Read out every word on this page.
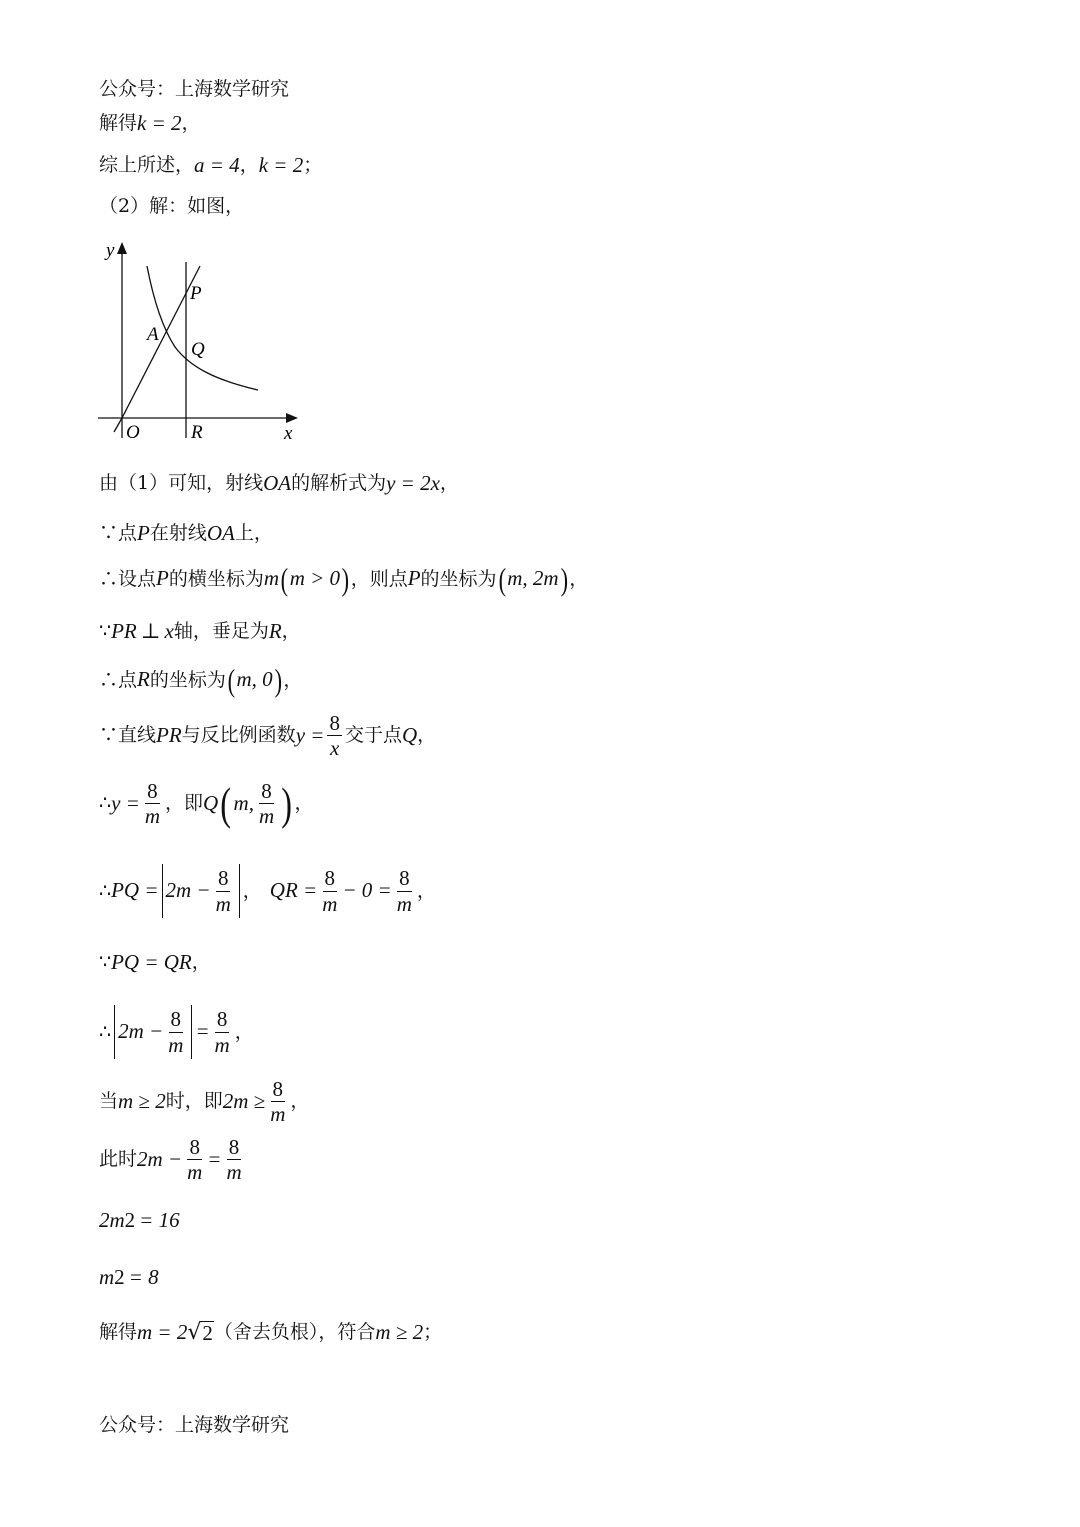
公众号：上海数学研究
解得 k = 2 ，
综上所述， a = 4 ， k = 2 ；
（2）解：如图，
y
x
O	R
P
A
Q
由（1）可知，射线 OA 的解析式为 y = 2x ，
∵点 P 在射线 OA 上，
∴设点 P 的横坐标为 m ( m > 0 ) ，则点 P 的坐标为 ( m, 2m ) ，
∵ PR ⊥ x 轴，垂足为 R ，
∴点 R 的坐标为 ( m, 0 ) ，
∵直线 PR 与反比例函数 $y = \frac{8}{x}$ 交于点 Q ，
∴ $y = \frac{8}{m}$ ，即 Q ( m, $\frac{8}{m}$ ) ，
∴ PQ = $2m - \frac{8}{m}$ ， QR = $\frac{8}{m} - 0 = \frac{8}{m}$ ，
∵ PQ = QR ，
∴ $2m - \frac{8}{m} = \frac{8}{m}$ ，
当 m ≥ 2 时，即 $2m \ge \frac{8}{m}$ ，
此时 $2m - \frac{8}{m} = \frac{8}{m}$
2m 2 = 16
m 2 = 8
解得 m = 2 √ 2 （舍去负根），符合 m ≥ 2 ；
公众号：上海数学研究
